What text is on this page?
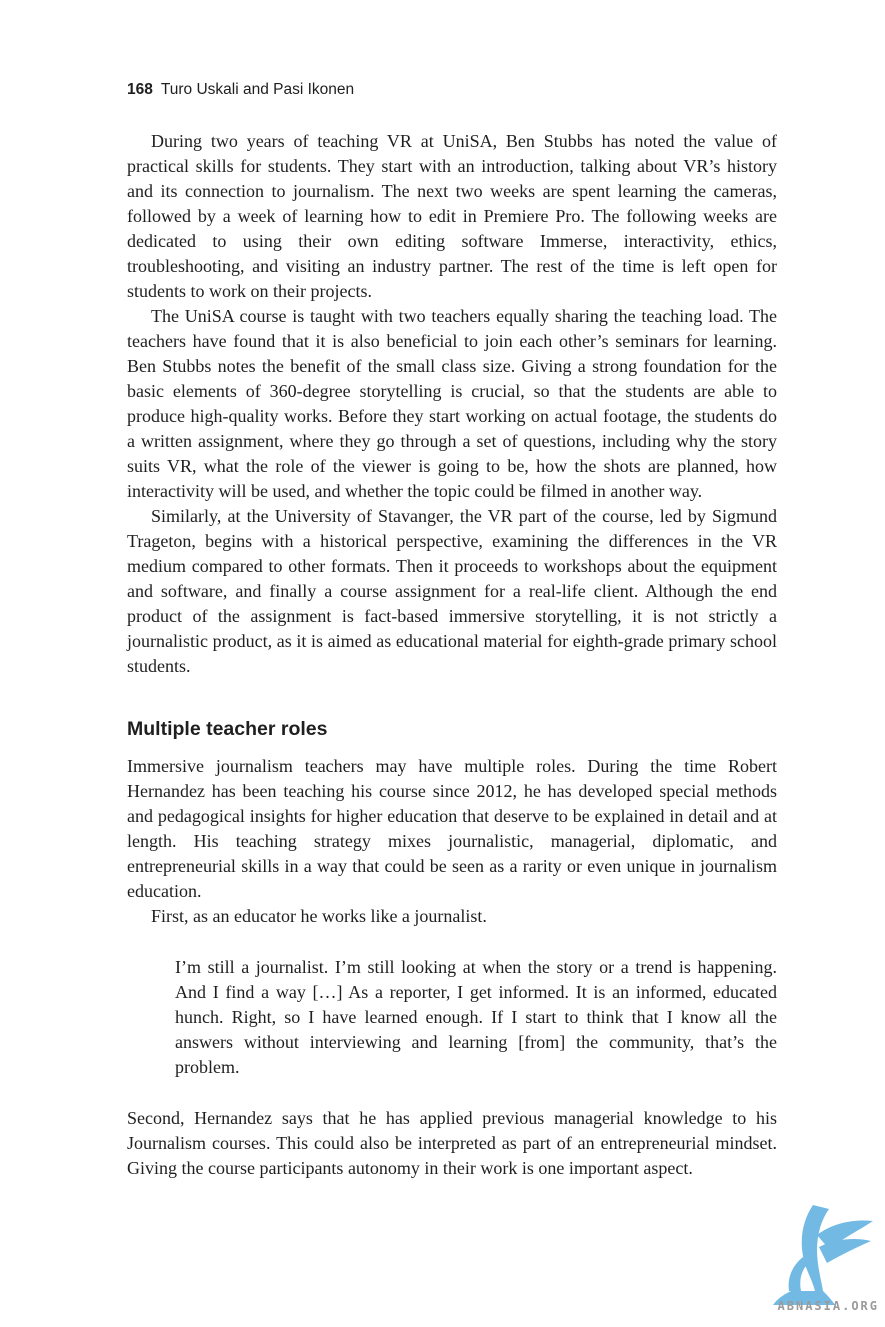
168 Turo Uskali and Pasi Ikonen

During two years of teaching VR at UniSA, Ben Stubbs has noted the value of practical skills for students. They start with an introduction, talking about VR’s history and its connection to journalism. The next two weeks are spent learning the cameras, followed by a week of learning how to edit in Premiere Pro. The following weeks are dedicated to using their own editing software Immerse, interactivity, ethics, troubleshooting, and visiting an industry partner. The rest of the time is left open for students to work on their projects.

The UniSA course is taught with two teachers equally sharing the teaching load. The teachers have found that it is also beneficial to join each other’s seminars for learning. Ben Stubbs notes the benefit of the small class size. Giving a strong foundation for the basic elements of 360-degree storytelling is crucial, so that the students are able to produce high-quality works. Before they start working on actual footage, the students do a written assignment, where they go through a set of questions, including why the story suits VR, what the role of the viewer is going to be, how the shots are planned, how interactivity will be used, and whether the topic could be filmed in another way.

Similarly, at the University of Stavanger, the VR part of the course, led by Sigmund Trageton, begins with a historical perspective, examining the differences in the VR medium compared to other formats. Then it proceeds to workshops about the equipment and software, and finally a course assignment for a real-life client. Although the end product of the assignment is fact-based immersive storytelling, it is not strictly a journalistic product, as it is aimed as educational material for eighth-grade primary school students.

Multiple teacher roles

Immersive journalism teachers may have multiple roles. During the time Robert Hernandez has been teaching his course since 2012, he has developed special methods and pedagogical insights for higher education that deserve to be explained in detail and at length. His teaching strategy mixes journalistic, managerial, diplomatic, and entrepreneurial skills in a way that could be seen as a rarity or even unique in journalism education.

First, as an educator he works like a journalist.

I’m still a journalist. I’m still looking at when the story or a trend is happening. And I find a way […] As a reporter, I get informed. It is an informed, educated hunch. Right, so I have learned enough. If I start to think that I know all the answers without interviewing and learning [from] the community, that’s the problem.

Second, Hernandez says that he has applied previous managerial knowledge to his Journalism courses. This could also be interpreted as part of an entrepreneurial mindset. Giving the course participants autonomy in their work is one important aspect.

ABNASIA.ORG
